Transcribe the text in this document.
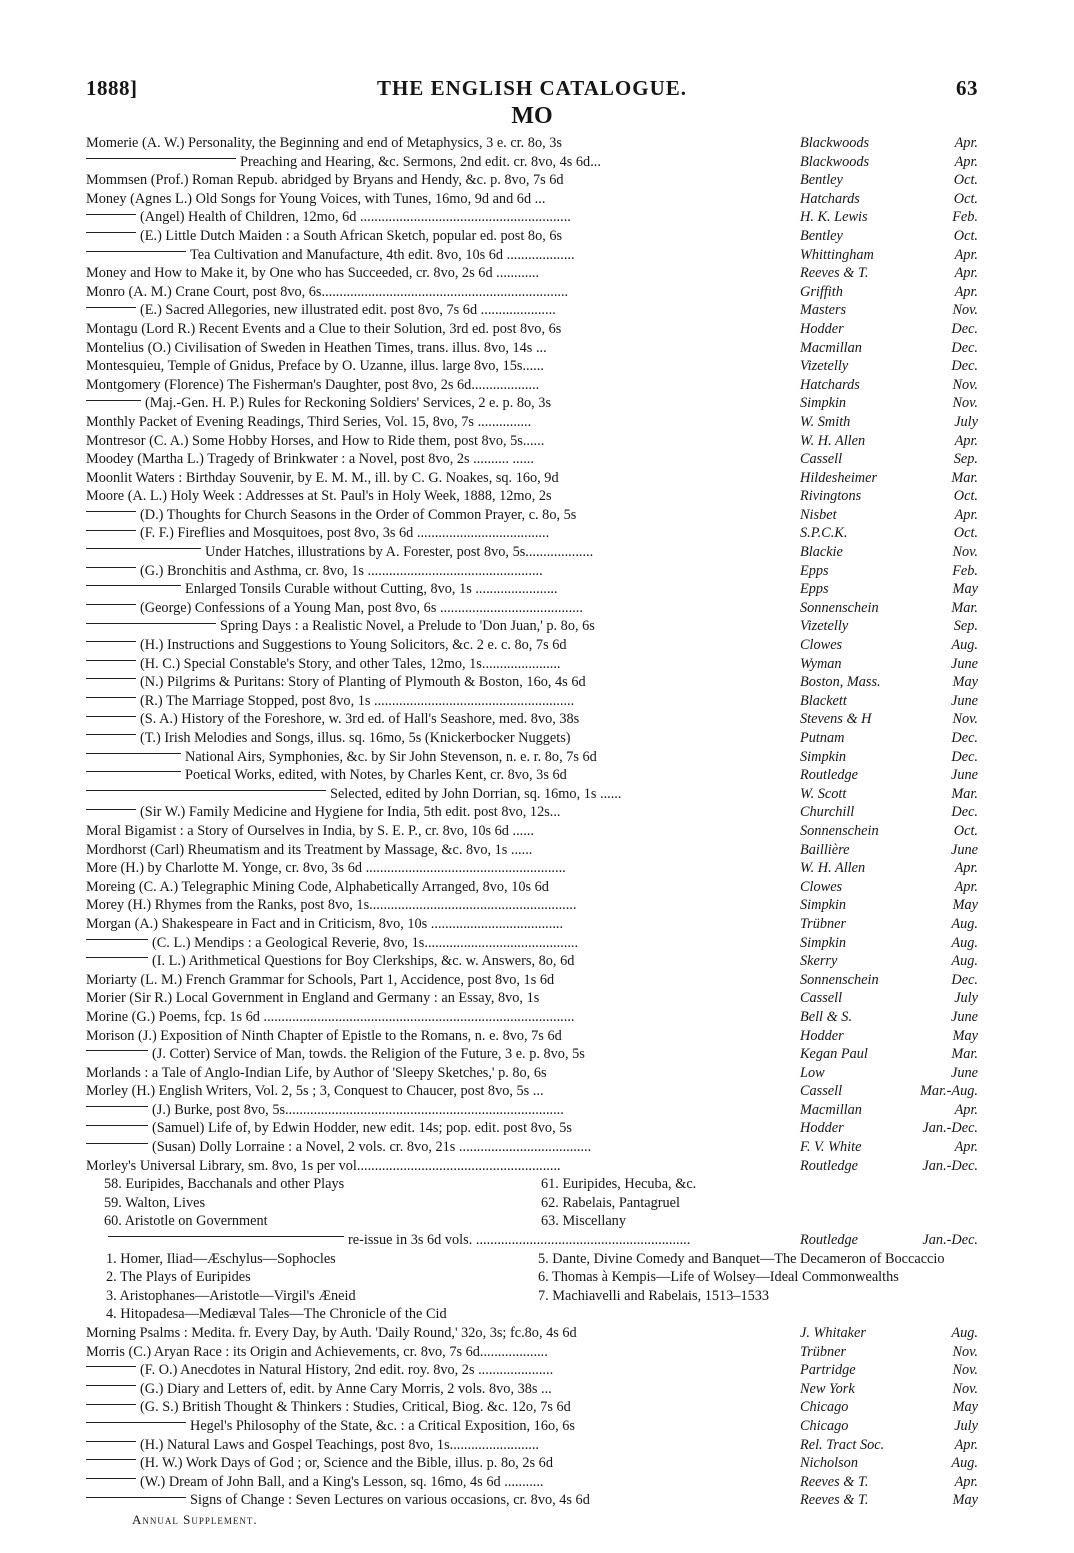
1888]	THE ENGLISH CATALOGUE.	63
MO
Momerie (A. W.) Personality, the Beginning and end of Metaphysics, 3 e. cr. 8o, 3s	Blackwoods	Apr.
Preaching and Hearing, &c. Sermons, 2nd edit. cr. 8vo, 4s 6d...	Blackwoods	Apr.
Mommsen (Prof.) Roman Repub. abridged by Bryans and Hendy, &c. p. 8vo, 7s 6d	Bentley	Oct.
Money (Agnes L.) Old Songs for Young Voices, with Tunes, 16mo, 9d and 6d ...	Hatchards	Oct.
(Angel) Health of Children, 12mo, 6d ...........................................................	H. K. Lewis	Feb.
(E.) Little Dutch Maiden : a South African Sketch, popular ed. post 8o, 6s	Bentley	Oct.
Tea Cultivation and Manufacture, 4th edit. 8vo, 10s 6d ...................	Whittingham	Apr.
Money and How to Make it, by One who has Succeeded, cr. 8vo, 2s 6d ............	Reeves & T.	Apr.
Monro (A. M.) Crane Court, post 8vo, 6s.....................................................................	Griffith	Apr.
(E.) Sacred Allegories, new illustrated edit. post 8vo, 7s 6d .....................	Masters	Nov.
Montagu (Lord R.) Recent Events and a Clue to their Solution, 3rd ed. post 8vo, 6s	Hodder	Dec.
Montelius (O.) Civilisation of Sweden in Heathen Times, trans. illus. 8vo, 14s ...	Macmillan	Dec.
Montesquieu, Temple of Gnidus, Preface by O. Uzanne, illus. large 8vo, 15s......	Vizetelly	Dec.
Montgomery (Florence) The Fisherman's Daughter, post 8vo, 2s 6d...................	Hatchards	Nov.
(Maj.-Gen. H. P.) Rules for Reckoning Soldiers' Services, 2 e. p. 8o, 3s	Simpkin	Nov.
Monthly Packet of Evening Readings, Third Series, Vol. 15, 8vo, 7s ...............	W. Smith	July
Montresor (C. A.) Some Hobby Horses, and How to Ride them, post 8vo, 5s......	W. H. Allen	Apr.
Moodey (Martha L.) Tragedy of Brinkwater : a Novel, post 8vo, 2s .......... ......	Cassell	Sep.
Moonlit Waters : Birthday Souvenir, by E. M. M., ill. by C. G. Noakes, sq. 16o, 9d	Hildesheimer	Mar.
Moore (A. L.) Holy Week : Addresses at St. Paul's in Holy Week, 1888, 12mo, 2s	Rivingtons	Oct.
(D.) Thoughts for Church Seasons in the Order of Common Prayer, c. 8o, 5s	Nisbet	Apr.
(F. F.) Fireflies and Mosquitoes, post 8vo, 3s 6d .....................................	S.P.C.K.	Oct.
Under Hatches, illustrations by A. Forester, post 8vo, 5s...................	Blackie	Nov.
(G.) Bronchitis and Asthma, cr. 8vo, 1s .................................................	Epps	Feb.
Enlarged Tonsils Curable without Cutting, 8vo, 1s .......................	Epps	May
(George) Confessions of a Young Man, post 8vo, 6s ........................................	Sonnenschein	Mar.
Spring Days : a Realistic Novel, a Prelude to 'Don Juan,' p. 8o, 6s	Vizetelly	Sep.
(H.) Instructions and Suggestions to Young Solicitors, &c. 2 e. c. 8o, 7s 6d	Clowes	Aug.
(H. C.) Special Constable's Story, and other Tales, 12mo, 1s......................	Wyman	June
(N.) Pilgrims & Puritans: Story of Planting of Plymouth & Boston, 16o, 4s 6d	Boston, Mass.	May
(R.) The Marriage Stopped, post 8vo, 1s ........................................................	Blackett	June
(S. A.) History of the Foreshore, w. 3rd ed. of Hall's Seashore, med. 8vo, 38s	Stevens & H	Nov.
(T.) Irish Melodies and Songs, illus. sq. 16mo, 5s (Knickerbocker Nuggets)	Putnam	Dec.
National Airs, Symphonies, &c. by Sir John Stevenson, n. e. r. 8o, 7s 6d	Simpkin	Dec.
Poetical Works, edited, with Notes, by Charles Kent, cr. 8vo, 3s 6d	Routledge	June
Selected, edited by John Dorrian, sq. 16mo, 1s ......	W. Scott	Mar.
(Sir W.) Family Medicine and Hygiene for India, 5th edit. post 8vo, 12s...	Churchill	Dec.
Moral Bigamist : a Story of Ourselves in India, by S. E. P., cr. 8vo, 10s 6d ......	Sonnenschein	Oct.
Mordhorst (Carl) Rheumatism and its Treatment by Massage, &c. 8vo, 1s ......	Baillière	June
More (H.) by Charlotte M. Yonge, cr. 8vo, 3s 6d ........................................................	W. H. Allen	Apr.
Moreing (C. A.) Telegraphic Mining Code, Alphabetically Arranged, 8vo, 10s 6d	Clowes	Apr.
Morey (H.) Rhymes from the Ranks, post 8vo, 1s..........................................................	Simpkin	May
Morgan (A.) Shakespeare in Fact and in Criticism, 8vo, 10s .....................................	Trübner	Aug.
(C. L.) Mendips : a Geological Reverie, 8vo, 1s...........................................	Simpkin	Aug.
(I. L.) Arithmetical Questions for Boy Clerkships, &c. w. Answers, 8o, 6d	Skerry	Aug.
Moriarty (L. M.) French Grammar for Schools, Part 1, Accidence, post 8vo, 1s 6d	Sonnenschein	Dec.
Morier (Sir R.) Local Government in England and Germany : an Essay, 8vo, 1s	Cassell	July
Morine (G.) Poems, fcp. 1s 6d .......................................................................................	Bell & S.	June
Morison (J.) Exposition of Ninth Chapter of Epistle to the Romans, n. e. 8vo, 7s 6d	Hodder	May
(J. Cotter) Service of Man, towds. the Religion of the Future, 3 e. p. 8vo, 5s	Kegan Paul	Mar.
Morlands : a Tale of Anglo-Indian Life, by Author of 'Sleepy Sketches,' p. 8o, 6s	Low	June
Morley (H.) English Writers, Vol. 2, 5s ; 3, Conquest to Chaucer, post 8vo, 5s ...	Cassell	Mar.-Aug.
(J.) Burke, post 8vo, 5s..............................................................................	Macmillan	Apr.
(Samuel) Life of, by Edwin Hodder, new edit. 14s; pop. edit. post 8vo, 5s	Hodder	Jan.-Dec.
(Susan) Dolly Lorraine : a Novel, 2 vols. cr. 8vo, 21s .....................................	F. V. White	Apr.
Morley's Universal Library, sm. 8vo, 1s per vol.........................................................	Routledge	Jan.-Dec.
58. Euripides, Bacchanals and other Plays
59. Walton, Lives
60. Aristotle on Government
61. Euripides, Hecuba, &c.
62. Rabelais, Pantagruel
63. Miscellany
re-issue in 3s 6d vols. ............................................................	Routledge	Jan.-Dec.
1. Homer, Iliad—Æschylus—Sophocles
2. The Plays of Euripides
3. Aristophanes—Aristotle—Virgil's Æneid
4. Hitopadesa—Mediæval Tales—The Chronicle of the Cid
5. Dante, Divine Comedy and Banquet—The Decameron of Boccaccio
6. Thomas à Kempis—Life of Wolsey—Ideal Commonwealths
7. Machiavelli and Rabelais, 1513–1533
Morning Psalms : Medita. fr. Every Day, by Auth. 'Daily Round,' 32o, 3s; fc.8o, 4s 6d	J. Whitaker	Aug.
Morris (C.) Aryan Race : its Origin and Achievements, cr. 8vo, 7s 6d...................	Trübner	Nov.
(F. O.) Anecdotes in Natural History, 2nd edit. roy. 8vo, 2s .....................	Partridge	Nov.
(G.) Diary and Letters of, edit. by Anne Cary Morris, 2 vols. 8vo, 38s ...	New York	Nov.
(G. S.) British Thought & Thinkers : Studies, Critical, Biog. &c. 12o, 7s 6d	Chicago	May
Hegel's Philosophy of the State, &c. : a Critical Exposition, 16o, 6s	Chicago	July
(H.) Natural Laws and Gospel Teachings, post 8vo, 1s.........................	Rel. Tract Soc.	Apr.
(H. W.) Work Days of God ; or, Science and the Bible, illus. p. 8o, 2s 6d	Nicholson	Aug.
(W.) Dream of John Ball, and a King's Lesson, sq. 16mo, 4s 6d ...........	Reeves & T.	Apr.
Signs of Change : Seven Lectures on various occasions, cr. 8vo, 4s 6d	Reeves & T.	May
Annual Supplement.
